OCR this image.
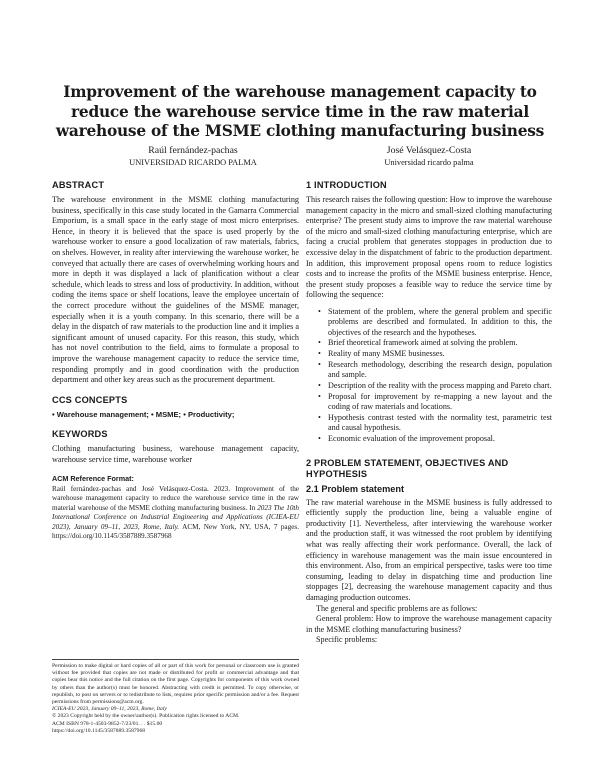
Improvement of the warehouse management capacity to reduce the warehouse service time in the raw material warehouse of the MSME clothing manufacturing business
Raúl fernández-pachas
UNIVERSIDAD RICARDO PALMA
José Velásquez-Costa
Universidad ricardo palma
ABSTRACT

The warehouse environment in the MSME clothing manufacturing business, specifically in this case study located in the Gamarra Commercial Emporium, is a small space in the early stage of most micro enterprises. Hence, in theory it is believed that the space is used properly by the warehouse worker to ensure a good localization of raw materials, fabrics, on shelves. However, in reality after interviewing the warehouse worker, he conveyed that actually there are cases of overwhelming working hours and more in depth it was displayed a lack of planification without a clear schedule, which leads to stress and loss of productivity. In addition, without coding the items space or shelf locations, leave the employee uncertain of the correct procedure without the guidelines of the MSME manager, especially when it is a youth company. In this scenario, there will be a delay in the dispatch of raw materials to the production line and it implies a significant amount of unused capacity. For this reason, this study, which has not novel contribution to the field, aims to formulate a proposal to improve the warehouse management capacity to reduce the service time, responding promptly and in good coordination with the production department and other key areas such as the procurement department.

CCS CONCEPTS

• Warehouse management; • MSME; • Productivity;

KEYWORDS

Clothing manufacturing business, warehouse management capacity, warehouse service time, warehouse worker

ACM Reference Format:
Raúl fernández-pachas and José Velásquez-Costa. 2023. Improvement of the warehouse management capacity to reduce the warehouse service time in the raw material warehouse of the MSME clothing manufacturing business. In 2023 The 10th International Conference on Industrial Engineering and Applications (ICIEA-EU 2023), January 09–11, 2023, Rome, Italy. ACM, New York, NY, USA, 7 pages. https://doi.org/10.1145/3587889.3587968

Permission to make digital or hard copies of all or part of this work for personal or classroom use is granted without fee provided that copies are not made or distributed for profit or commercial advantage and that copies bear this notice and the full citation on the first page. Copyrights for components of this work owned by others than the author(s) must be honored. Abstracting with credit is permitted. To copy otherwise, or republish, to post on servers or to redistribute to lists, requires prior specific permission and/or a fee. Request permissions from permissions@acm.org.

ICIEA-EU 2023, January 09–11, 2023, Rome, Italy

© 2023 Copyright held by the owner/author(s). Publication rights licensed to ACM.

ACM ISBN 978-1-4503-9852-7/23/01. . . $15.00

https://doi.org/10.1145/3587889.3587968

1 INTRODUCTION

This research raises the following question: How to improve the warehouse management capacity in the micro and small-sized clothing manufacturing enterprise? The present study aims to improve the raw material warehouse of the micro and small-sized clothing manufacturing enterprise, which are facing a crucial problem that generates stoppages in production due to excessive delay in the dispatchment of fabric to the production department. In addition, this improvement proposal opens room to reduce logistics costs and to increase the profits of the MSME business enterprise. Hence, the present study proposes a feasible way to reduce the service time by following the sequence:

• Statement of the problem, where the general problem and specific problems are described and formulated. In addition to this, the objectives of the research and the hypotheses.
• Brief theoretical framework aimed at solving the problem.
• Reality of many MSME businesses.
• Research methodology, describing the research design, population and sample.
• Description of the reality with the process mapping and Pareto chart.
• Proposal for improvement by re-mapping a new layout and the coding of raw materials and locations.
• Hypothesis contrast tested with the normality test, parametric test and causal hypothesis.
• Economic evaluation of the improvement proposal.
2 PROBLEM STATEMENT, OBJECTIVES AND HYPOTHESIS
2.1 Problem statement

The raw material warehouse in the MSME business is fully addressed to efficiently supply the production line, being a valuable engine of productivity [1]. Nevertheless, after interviewing the warehouse worker and the production staff, it was witnessed the root problem by identifying what was really affecting their work performance. Overall, the lack of efficiency in warehouse management was the main issue encountered in this environment. Also, from an empirical perspective, tasks were too time consuming, leading to delay in dispatching time and production line stoppages [2], decreasing the warehouse management capacity and thus damaging production outcomes.

The general and specific problems are as follows:

General problem: How to improve the warehouse management capacity in the MSME clothing manufacturing business?

Specific problems:
